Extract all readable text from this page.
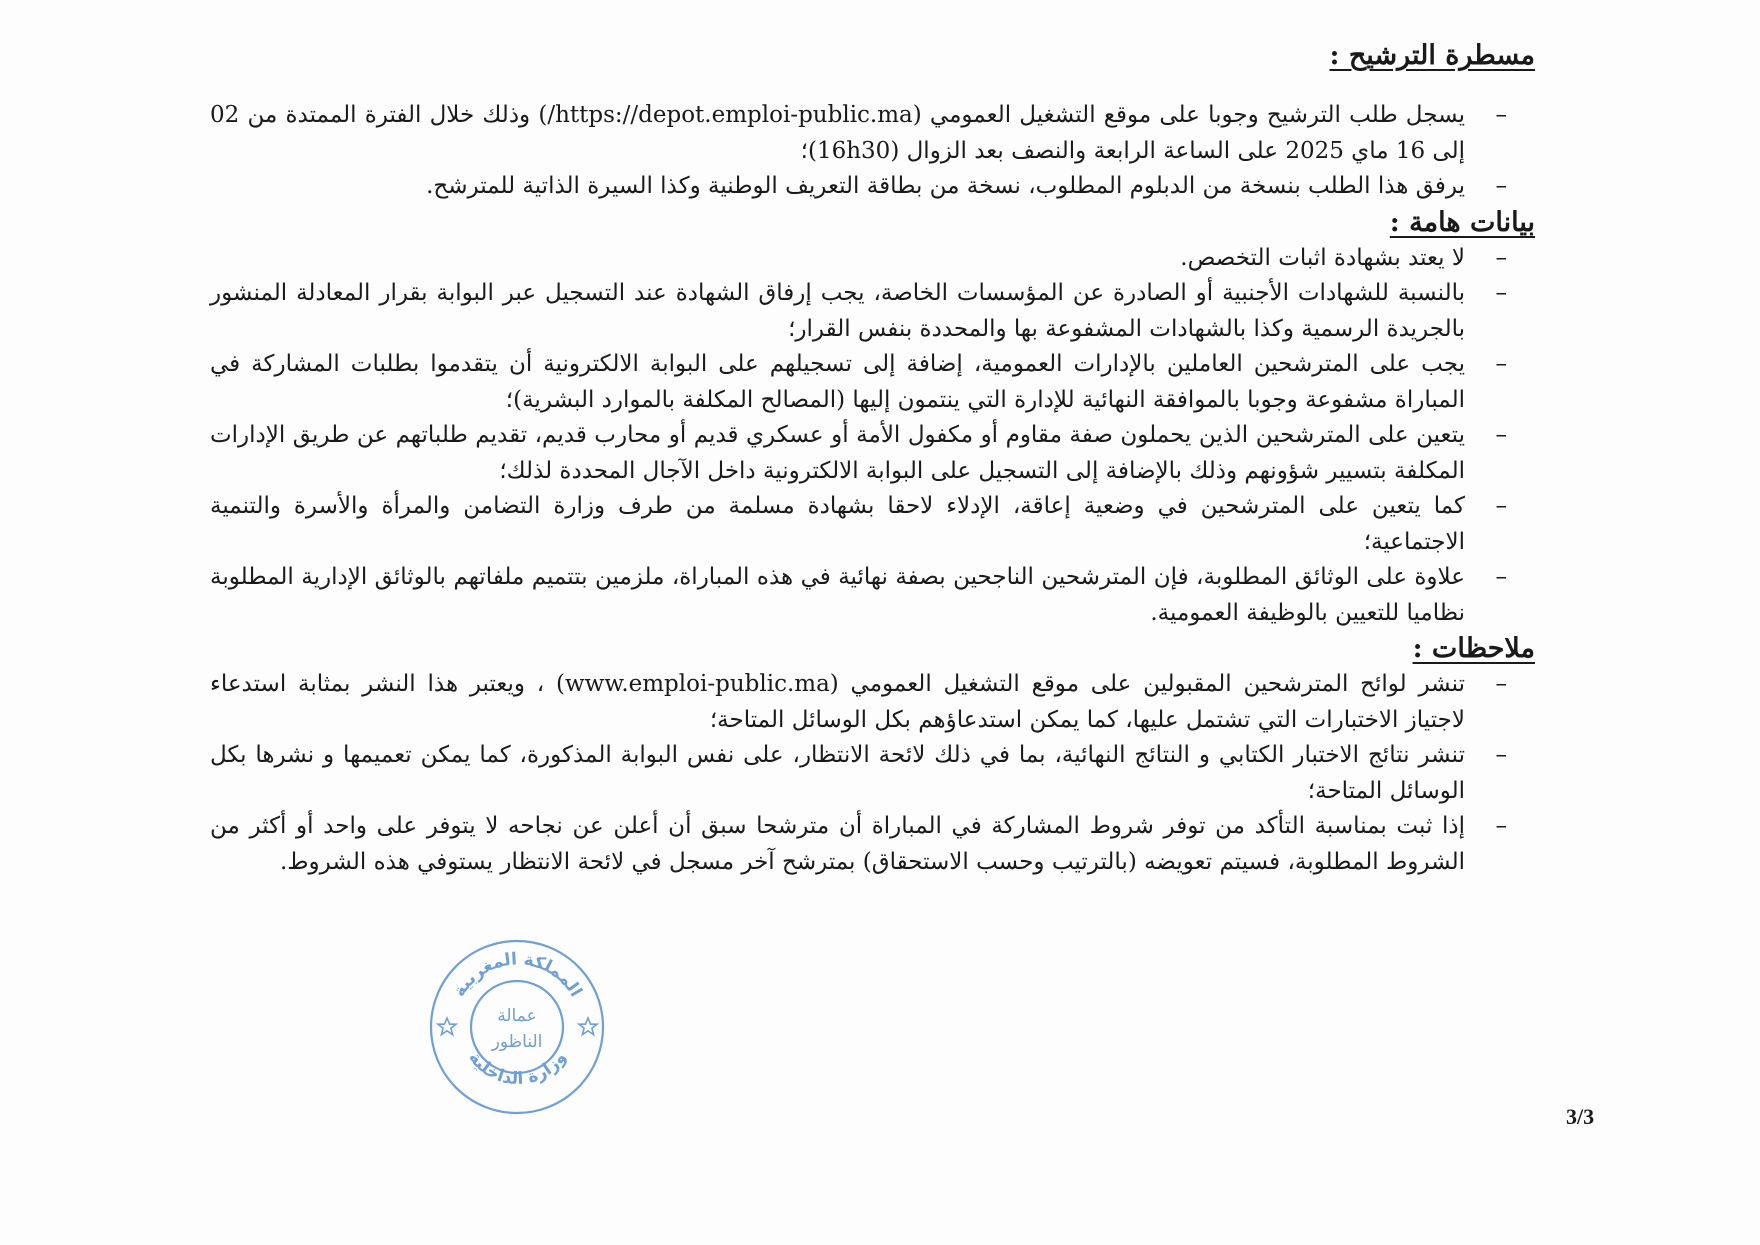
مسطرة الترشيح :
–
يسجل طلب الترشيح وجوبا على موقع التشغيل العمومي (https://depot.emploi-public.ma/) وذلك خلال الفترة الممتدة من 02 إلى 16 ماي 2025 على الساعة الرابعة والنصف بعد الزوال (16h30)؛
–
يرفق هذا الطلب بنسخة من الدبلوم المطلوب، نسخة من بطاقة التعريف الوطنية وكذا السيرة الذاتية للمترشح.
بيانات هامة :
–
لا يعتد بشهادة اثبات التخصص.
–
بالنسبة للشهادات الأجنبية أو الصادرة عن المؤسسات الخاصة، يجب إرفاق الشهادة عند التسجيل عبر البوابة بقرار المعادلة المنشور بالجريدة الرسمية وكذا بالشهادات المشفوعة بها والمحددة بنفس القرار؛
–
يجب على المترشحين العاملين بالإدارات العمومية، إضافة إلى تسجيلهم على البوابة الالكترونية أن يتقدموا بطلبات المشاركة في المباراة مشفوعة وجوبا بالموافقة النهائية للإدارة التي ينتمون إليها (المصالح المكلفة بالموارد البشرية)؛
–
يتعين على المترشحين الذين يحملون صفة مقاوم أو مكفول الأمة أو عسكري قديم أو محارب قديم، تقديم طلباتهم عن طريق الإدارات المكلفة بتسيير شؤونهم وذلك بالإضافة إلى التسجيل على البوابة الالكترونية داخل الآجال المحددة لذلك؛
–
كما يتعين على المترشحين في وضعية إعاقة، الإدلاء لاحقا بشهادة مسلمة من طرف وزارة التضامن والمرأة والأسرة والتنمية الاجتماعية؛
–
علاوة على الوثائق المطلوبة، فإن المترشحين الناجحين بصفة نهائية في هذه المباراة، ملزمين بتتميم ملفاتهم بالوثائق الإدارية المطلوبة نظاميا للتعيين بالوظيفة العمومية.
ملاحظات :
–
تنشر لوائح المترشحين المقبولين على موقع التشغيل العمومي (www.emploi-public.ma) ، ويعتبر هذا النشر بمثابة استدعاء لاجتياز الاختبارات التي تشتمل عليها، كما يمكن استدعاؤهم بكل الوسائل المتاحة؛
–
تنشر نتائج الاختبار الكتابي و النتائج النهائية، بما في ذلك لائحة الانتظار، على نفس البوابة المذكورة، كما يمكن تعميمها و نشرها بكل الوسائل المتاحة؛
–
إذا ثبت بمناسبة التأكد من توفر شروط المشاركة في المباراة أن مترشحا سبق أن أعلن عن نجاحه لا يتوفر على واحد أو أكثر من الشروط المطلوبة، فسيتم تعويضه (بالترتيب وحسب الاستحقاق) بمترشح آخر مسجل في لائحة الانتظار يستوفي هذه الشروط.
المملكة المغربية
وزارة الداخلية
عمالة
الناظور
3/3
